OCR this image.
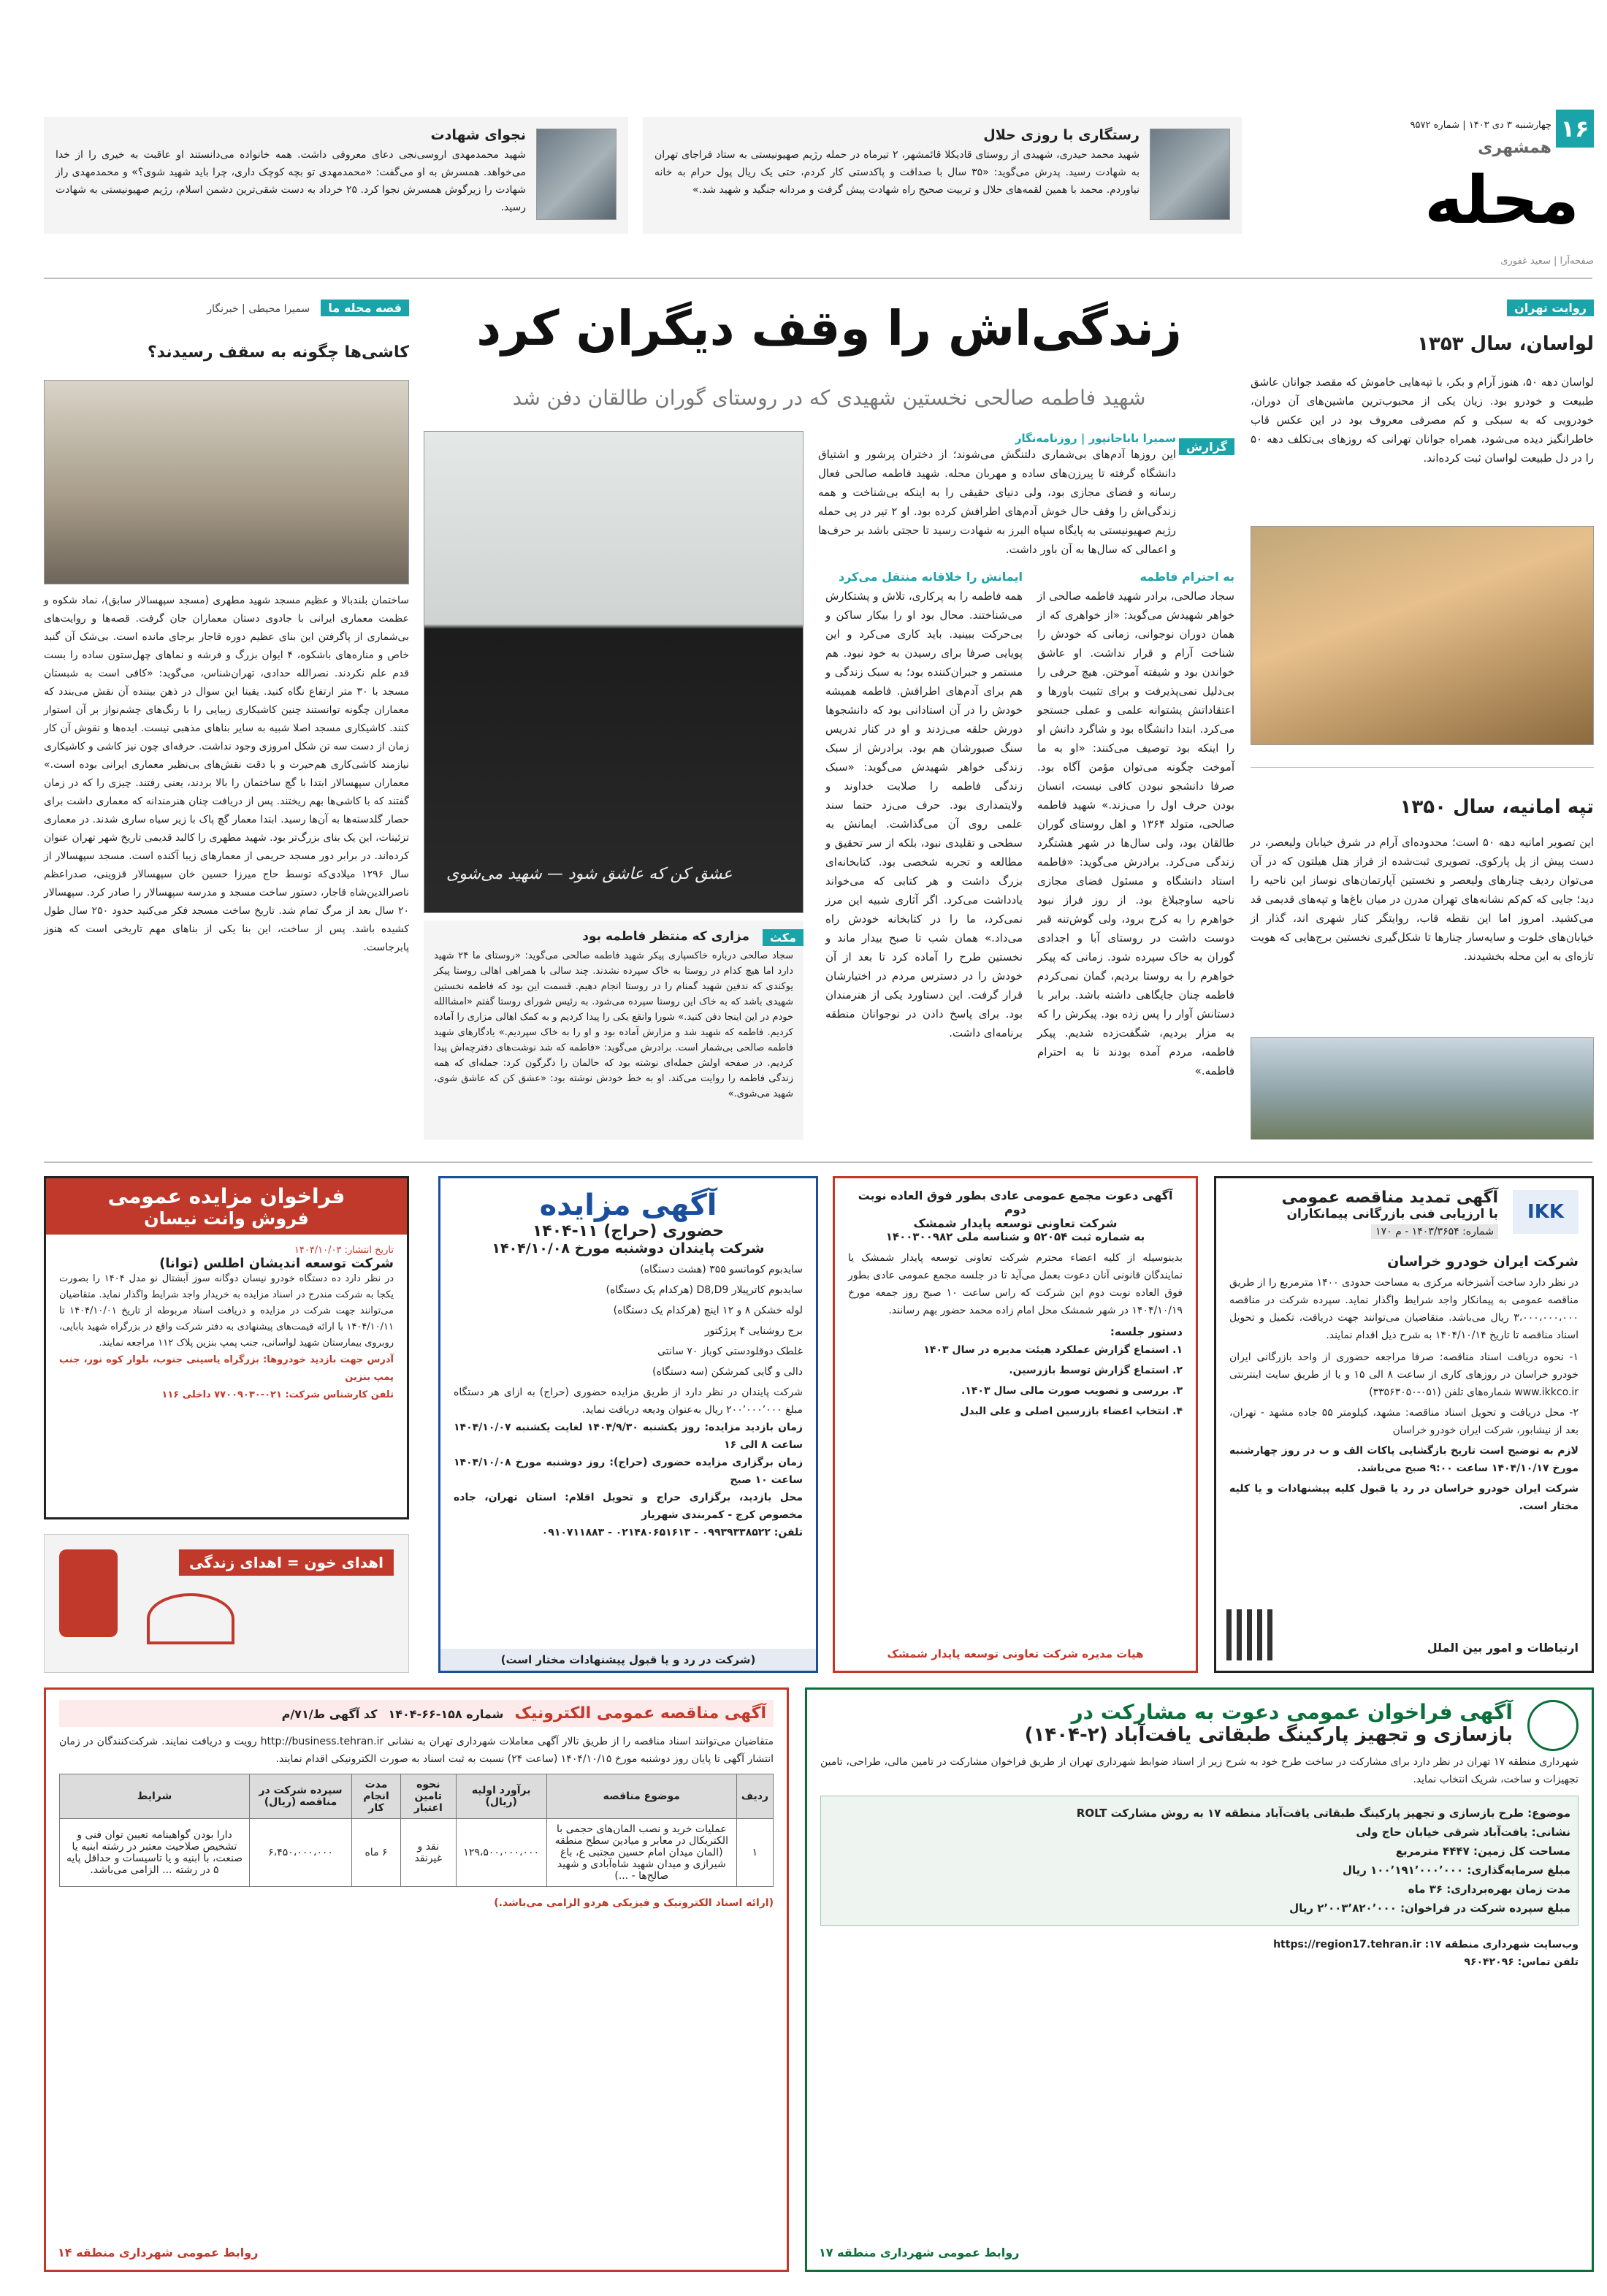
۱۶
چهارشنبه ۳ دی ۱۴۰۳ | شماره ۹۵۷۲
همشهری
محله
صفحه‌آرا | سعید غفوری
رستگاری با روزی حلال
شهید محمد حیدری، شهیدی از روستای قادیکلا قائمشهر، ۲ تیرماه در حمله رژیم صهیونیستی به ستاد فراجای تهران به شهادت رسید. پدرش می‌گوید: «۳۵ سال با صداقت و پاکدستی کار کردم، حتی یک ریال پول حرام به خانه نیاوردم. محمد با همین لقمه‌های حلال و تربیت صحیح راه شهادت پیش گرفت و مردانه جنگید و شهید شد.»
نجوای شهادت
شهید محمدمهدی اروسی‌نجی دعای معروفی داشت. همه خانواده می‌دانستند او عاقبت به خیری را از خدا می‌خواهد. همسرش به او می‌گفت: «محمدمهدی تو بچه کوچک داری، چرا باید شهید شوی؟» و محمدمهدی راز شهادت را زیرگوش همسرش نجوا کرد. ۲۵ خرداد به دست شقی‌ترین دشمن اسلام، رژیم صهیونیستی به شهادت رسید.
روایت تهران
لواسان، سال ۱۳۵۳
لواسان دهه ۵۰، هنوز آرام و بکر، با تپه‌هایی خاموش که مقصد جوانان عاشق طبیعت و خودرو بود. زیان یکی از محبوب‌ترین ماشین‌های آن دوران، خودرویی که به سبکی و کم مصرفی معروف بود در این عکس قاب خاطرانگیز دیده می‌شود، همراه جوانان تهرانی که روزهای بی‌تکلف دهه ۵۰ را در دل طبیعت لواسان ثبت کرده‌اند.
تپه امانیه، سال ۱۳۵۰
این تصویر امانیه دهه ۵۰ است؛ محدوده‌ای آرام در شرق خیابان ولیعصر، در دست پیش از پل پارکوی. تصویری ثبت‌شده از فراز هتل هیلتون که در آن می‌توان ردیف چنارهای ولیعصر و نخستین آپارتمان‌های نوساز این ناحیه را دید؛ جایی که کم‌کم نشانه‌های تهران مدرن در میان باغ‌ها و تپه‌های قدیمی قد می‌کشید. امروز اما این نقطه قاب، روایتگر کنار شهری اند، گذار از خیابان‌های خلوت و سایه‌سار چنارها تا شکل‌گیری نخستین برج‌هایی که هویت تازه‌ای به این محله بخشیدند.
زندگی‌اش را وقف دیگران کرد
شهید فاطمه صالحی نخستین شهیدی که در روستای گوران طالقان دفن شد
عشق کن که عاشق شود — شهید می‌شوی
گزارش
سمیرا باباجانپور | روزنامه‌نگار
این روزها آدم‌های بی‌شماری دلتنگش می‌شوند؛ از دختران پرشور و اشتیاق دانشگاه گرفته تا پیرزن‌های ساده و مهربان محله. شهید فاطمه صالحی فعال رسانه و فضای مجازی بود، ولی دنیای حقیقی را به اینکه بی‌شناخت و همه زندگی‌اش را وقف حال خوش آدم‌های اطرافش کرده بود. او ۲ تیر در پی حمله رژیم صهیونیستی به پایگاه سپاه البرز به شهادت رسید تا حجتی باشد بر حرف‌ها و اعمالی که سال‌ها به آن باور داشت.
به احترام فاطمه
سجاد صالحی، برادر شهید فاطمه صالحی از خواهر شهیدش می‌گوید: «از خواهری که از همان دوران نوجوانی، زمانی که خودش را شناخت آرام و قرار نداشت. او عاشق خواندن بود و شیفته آموختن. هیچ حرفی را بی‌دلیل نمی‌پذیرفت و برای تثبیت باورها و اعتقاداتش پشتوانه علمی و عملی جستجو می‌کرد. ابتدا دانشگاه بود و شاگرد دانش او را اینکه بود توصیف می‌کنند: «او به ما آموخت چگونه می‌توان مؤمن آگاه بود. صرفا دانشجو نبودن کافی نیست، انسان بودن حرف اول را می‌زند.» شهید فاطمه صالحی، متولد ۱۳۶۴ و اهل روستای گوران طالقان بود، ولی سال‌ها در شهر هشتگرد زندگی می‌کرد. برادرش می‌گوید: «فاطمه استاد دانشگاه و مسئول فضای مجازی ناحیه ساوجبلاغ بود. از روز فراز نبود خواهرم را به کرج برود، ولی گوش‌تنه قبر دوست داشت در روستای آبا و اجدادی گوران به خاک سپرده شود. زمانی که پیکر خواهرم را به روستا بردیم، گمان نمی‌کردم فاطمه چنان جایگاهی داشته باشد. برابر با دستانش آوار را پس زده بود. پیکرش را که به مزار بردیم، شگفت‌زده شدیم. پیکر فاطمه، مردم آمده بودند تا به احترام فاطمه.»
ایمانش را خلاقانه منتقل می‌کرد
همه فاطمه را به پرکاری، تلاش و پشتکارش می‌شناختند. محال بود او را بیکار ساکن و بی‌حرکت ببینید. باید کاری می‌کرد و این پویایی صرفا برای رسیدن به خود نبود. هم مستمر و جبران‌کننده بود؛ به سبک زندگی و هم برای آدم‌های اطرافش. فاطمه همیشه خودش را در آن استادانی بود که دانشجوها دورش حلقه می‌زدند و او در کنار تدریس سنگ صبورشان هم بود. برادرش از سبک زندگی خواهر شهیدش می‌گوید: «سبک زندگی فاطمه را صلابت خداوند و ولایتمداری بود. حرف می‌زد حتما سند علمی روی آن می‌گذاشت. ایمانش به سطحی و تقلیدی نبود، بلکه از سر تحقیق و مطالعه و تجربه شخصی بود. کتابخانه‌ای بزرگ داشت و هر کتابی که می‌خواند یادداشت می‌کرد. اگر آثاری شبیه این مرز نمی‌کرد، ما را در کتابخانه خودش راه می‌داد.» همان شب تا صبح بیدار ماند و نخستین طرح را آماده کرد تا بعد از آن خودش را در دسترس مردم در اختیارشان قرار گرفت. این دستاورد یکی از هنرمندان بود. برای پاسخ دادن در نوجوانان منطقه برنامه‌ای داشت.
مکث
مزاری که منتظر فاطمه بود
سجاد صالحی درباره خاکسپاری پیکر شهید فاطمه صالحی می‌گوید: «روستای ما ۲۴ شهید دارد اما هیچ کدام در روستا به خاک سپرده نشدند. چند سالی با همراهی اهالی روستا پیکر یوکندی که ندفین شهید گمنام را در روستا انجام دهیم. قسمت این بود که فاطمه نخستین شهیدی باشد که به خاک این روستا سپرده می‌شود. به رئیس شورای روستا گفتم «امشاالله خودم در این اینجا دفن کنید.» شورا وانقع یکی را پیدا کردیم و به کمک اهالی مزاری را آماده کردیم. فاطمه که شهید شد و مزارش آماده بود و او را به خاک سپردیم.» یادگارهای شهید فاطمه صالحی بی‌شمار است. برادرش می‌گوید: «فاطمه که شد نوشت‌های دفترچه‌اش پیدا کردیم. در صفحه اولش جمله‌ای نوشته بود که حالمان را دگرگون کرد: جمله‌ای که همه زندگی فاطمه را روایت می‌کند. او به خط خودش نوشته بود: «عشق کن که عاشق شوی، شهید می‌شوی.»
قصه محله ما سمیرا محیطی | خبرنگار
کاشی‌ها چگونه به سقف رسیدند؟
ساختمان بلندبالا و عظیم مسجد شهید مطهری (مسجد سپهسالار سابق)، نماد شکوه و عظمت معماری ایرانی با جادوی دستان معماران جان گرفت. قصه‌ها و روایت‌های بی‌شماری از پاگرفتن این بنای عظیم دوره قاجار برجای مانده است. بی‌شک آن گنبد خاص و مناره‌های باشکوه، ۴ ایوان بزرگ و فرشه و نماهای چهل‌ستون ساده را بست قدم علم نکردند. نصرالله حدادی، تهران‌شناس، می‌گوید: «کافی است به شبستان مسجد با ۳۰ متر ارتفاع نگاه کنید. یقینا این سوال در ذهن بیننده آن نقش می‌بندد که معماران چگونه توانستند چنین کاشیکاری زیبایی را با رنگ‌های چشم‌نواز بر آن استوار کنند. کاشیکاری مسجد اصلا شبیه به سایر بناهای مذهبی نیست. ایده‌ها و نقوش آن کار زمان از دست سه تن شکل امروزی وجود نداشت. حرفه‌ای چون نیز کاشی و کاشیکاری نیازمند کاشی‌کاری هم‌حیرت و با دقت نقش‌های بی‌نظیر معماری ایرانی بوده است.» معماران سپهسالار ابتدا با گچ ساختمان را بالا بردند، یعنی رفتند. چیزی را که در زمان گفتند که با کاشی‌ها بهم ریختند. پس از دریافت چنان هنرمندانه که معماری داشت برای حصار گلدسته‌ها به آن‌ها رسید. ابتدا معمار گچ پاک با زیر سیاه ساری شدند. در معماری تزئینات، این یک بنای بزرگ‌تر بود. شهید مطهری را کالبد قدیمی تاریخ شهر تهران عنوان کرده‌اند. در برابر دور مسجد حریمی از معمارهای زیبا آکنده است. مسجد سپهسالار از سال ۱۲۹۶ میلادی‌که توسط حاج میرزا حسین خان سپهسالار قزوینی، صدراعظم ناصرالدین‌شاه قاجار، دستور ساخت مسجد و مدرسه سپهسالار را صادر کرد. سپهسالار ۲۰ سال بعد از مرگ تمام شد. تاریخ ساخت مسجد فکر می‌کنید حدود ۲۵۰ سال طول کشیده باشد. پس از ساخت، این بنا یکی از بناهای مهم تاریخی است که هنوز پابرجاست.
IKK
آگهی تمدید مناقصه عمومی
با ارزیابی فنی بازرگانی پیمانکاران
شماره: ۱۴۰۳/۳۶۵۴ - م ۱۷۰
شرکت ایران خودرو خراسان
در نظر دارد ساخت آشیزخانه مرکزی به مساحت حدودی ۱۴۰۰ مترمربع را از طریق مناقصه عمومی به پیمانکار واجد شرایط واگذار نماید. سپرده شرکت در مناقصه ۳،۰۰۰،۰۰۰،۰۰۰ ریال می‌باشد. متقاضیان می‌توانند جهت دریافت، تکمیل و تحویل اسناد مناقصه تا تاریخ ۱۴۰۴/۱۰/۱۴ به شرح ذیل اقدام نمایند.

۱- نحوه دریافت اسناد مناقصه: صرفا مراجعه حضوری از واحد بازرگانی ایران خودرو خراسان در روزهای کاری از ساعت ۸ الی ۱۵ و یا از طریق سایت اینترنتی www.ikkco.ir شماره‌های تلفن (۰۵۱-۳۳۵۶۳۰۵۰)

۲- محل دریافت و تحویل اسناد مناقصه: مشهد، کیلومتر ۵۵ جاده مشهد - تهران، بعد از نیشابور، شرکت ایران خودرو خراسان

لازم به توضیح است تاریخ بازگشایی پاکات الف و ب در روز چهارشنبه مورخ ۱۴۰۴/۱۰/۱۷ ساعت ۹:۰۰ صبح می‌باشد.

شرکت ایران خودرو خراسان در رد یا قبول کلیه پیشنهادات و یا کلیه مختار است.

ارتباطات و امور بین الملل
آگهی دعوت مجمع عمومی عادی بطور فوق العاده نوبت دوم
شرکت تعاونی توسعه پایدار شمشک
به شماره ثبت ۵۲۰۵۴ و شناسه ملی ۱۴۰۰۳۰۰۹۸۲
بدینوسیله از کلیه اعضاء محترم شرکت تعاونی توسعه پایدار شمشک یا نمایندگان قانونی آنان دعوت بعمل می‌آید تا در جلسه مجمع عمومی عادی بطور فوق العاده نوبت دوم این شرکت که راس ساعت ۱۰ صبح روز جمعه مورخ ۱۴۰۴/۱۰/۱۹ در شهر شمشک محل امام زاده محمد حضور بهم رسانند.
دستور جلسه:

۱. استماع گزارش عملکرد هیئت مدیره در سال ۱۴۰۳

۲. استماع گزارش توسط بازرسین.

۳. بررسی و تصویب صورت مالی سال ۱۴۰۳.

۴. انتخاب اعضاء بازرسین اصلی و علی البدل

هیات مدیره شرکت تعاونی توسعه پایدار شمشک
آگهی مزایده
حضوری (حراج) ۱۱-۱۴۰۴
شرکت پایندان دوشنبه مورخ ۱۴۰۴/۱۰/۰۸

سایدبوم کوماتسو ۳۵۵ (هشت دستگاه)

سایدبوم کاترپیلار D8,D9 (هرکدام یک دستگاه)

لوله خشکن ۸ و ۱۲ اینچ (هرکدام یک دستگاه)

برج روشنایی ۴ پرژکتور

غلطک دوقلودستی کوباز ۷۰ سانتی

دالی و گایی کمرشکن (سه دستگاه)

شرکت پایندان در نظر دارد از طریق مزایده حضوری (حراج) به ازای هر دستگاه مبلغ ۲۰۰٬۰۰۰٬۰۰۰ ریال به‌عنوان ودیعه دریافت نماید.
زمان بازدید مزایده: روز یکشنبه ۱۴۰۴/۹/۳۰ لغایت یکشنبه ۱۴۰۴/۱۰/۰۷ ساعت ۸ الی ۱۶
زمان برگزاری مزایده حضوری (حراج): روز دوشنبه مورخ ۱۴۰۴/۱۰/۰۸ ساعت ۱۰ صبح
محل بازدید، برگزاری حراج و تحویل اقلام: استان تهران، جاده مخصوص کرج - کمربندی شهریار
تلفن: ۰۹۹۳۹۳۳۸۵۲۲ - ۰۲۱۴۸۰۶۵۱۶۱۳ - ۰۹۱۰۷۱۱۸۸۳
(شرکت در رد و یا قبول پیشنهادات مختار است)
فراخوان مزایده عمومی
فروش وانت نیسان
تاریخ انتشار: ۱۴۰۴/۱۰/۰۳
شرکت توسعه اندیشان اطلس (توانا)
در نظر دارد ده دستگاه خودرو نیسان دوگانه سوز آبشتال نو مدل ۱۴۰۴ را بصورت یکجا به شرکت مندرج در اسناد مزایده به خریدار واجد شرایط واگذار نماید. متقاضیان می‌توانند جهت شرکت در مزایده و دریافت اسناد مربوطه از تاریخ ۱۴۰۴/۱۰/۰۱ تا ۱۴۰۴/۱۰/۱۱ با ارائه قیمت‌های پیشنهادی به دفتر شرکت واقع در بزرگراه شهید بابایی، روبروی بیمارستان شهید لواسانی، جنب پمپ بنزین پلاک ۱۱۲ مراجعه نمایند.
آدرس جهت بازدید خودروها: بزرگراه یاسینی جنوب، بلوار کوه نور، جنب پمپ بنزین
تلفن کارشناس شرکت: ۰۲۱-۷۷۰۰۹۰۳۰ داخلی ۱۱۶
اهدای خون = اهدای زندگی
آگهی فراخوان عمومی دعوت به مشارکت در
بازسازی و تجهیز پارکینگ طبقاتی یافت‌آباد (۲-۱۴۰۴)
شهرداری منطقه ۱۷ تهران در نظر دارد برای مشارکت در ساخت طرح خود به شرح زیر از اسناد ضوابط شهرداری تهران از طریق فراخوان مشارکت در تامین مالی، طراحی، تامین تجهیزات و ساخت، شریک انتخاب نماید.
موضوع: طرح بازسازی و تجهیز پارکینگ طبقاتی یافت‌آباد منطقه ۱۷ به روش مشارکت ROLT
نشانی: یافت‌آباد شرقی خیابان حاج ولی
مساحت کل زمین: ۴۴۴۷ مترمربع
مبلغ سرمایه‌گذاری: ۱۰۰٬۱۹۱٬۰۰۰٬۰۰۰ ریال
مدت زمان بهره‌برداری: ۳۶ ماه
مبلغ سپرده شرکت در فراخوان: ۲٬۰۰۳٬۸۲۰٬۰۰۰ ریال
وب‌سایت شهرداری منطقه ۱۷: https://region17.tehran.ir
تلفن تماس: ۹۶۰۴۲۰۹۶
روابط عمومی شهرداری منطقه ۱۷
آگهی مناقصه عمومی الکترونیک شماره ۱۵۸-۶۶-۱۴۰۴ کد آگهی ط/۷۱/م
متقاضیان می‌توانند اسناد مناقصه را از طریق تالار آگهی معاملات شهرداری تهران به نشانی http://business.tehran.ir رویت و دریافت نمایند. شرکت‌کنندگان در زمان انتشار آگهی تا پایان روز دوشنبه مورخ ۱۴۰۴/۱۰/۱۵ (ساعت ۲۴) نسبت به ثبت اسناد به صورت الکترونیکی اقدام نمایند.
ردیف	موضوع مناقصه	برآورد اولیه (ریال)	نحوه تامین اعتبار	مدت انجام کار	سپرده شرکت در مناقصه (ریال)	شرایط
۱	عملیات خرید و نصب المان‌های حجمی با الکتریکال در معابر و میادین سطح منطقه (المان میدان امام حسین مجتبی ع، باغ شیرازی و میدان شهید شاه‌آبادی و شهید صالح‌ها - ...)	۱۲۹،۵۰۰،۰۰۰،۰۰۰	نقد و غیرنقد	۶ ماه	۶،۴۵۰،۰۰۰،۰۰۰	دارا بودن گواهینامه تعیین توان فنی و تشخیص صلاحیت معتبر در رشته ابنیه یا صنعت، با ابنیه و یا تاسیسات و حداقل پایه ۵ در رشته ... الزامی می‌باشد.
(ارائه اسناد الکترونیک و فیزیکی هردو الزامی می‌باشد.)
روابط عمومی شهرداری منطقه ۱۴
